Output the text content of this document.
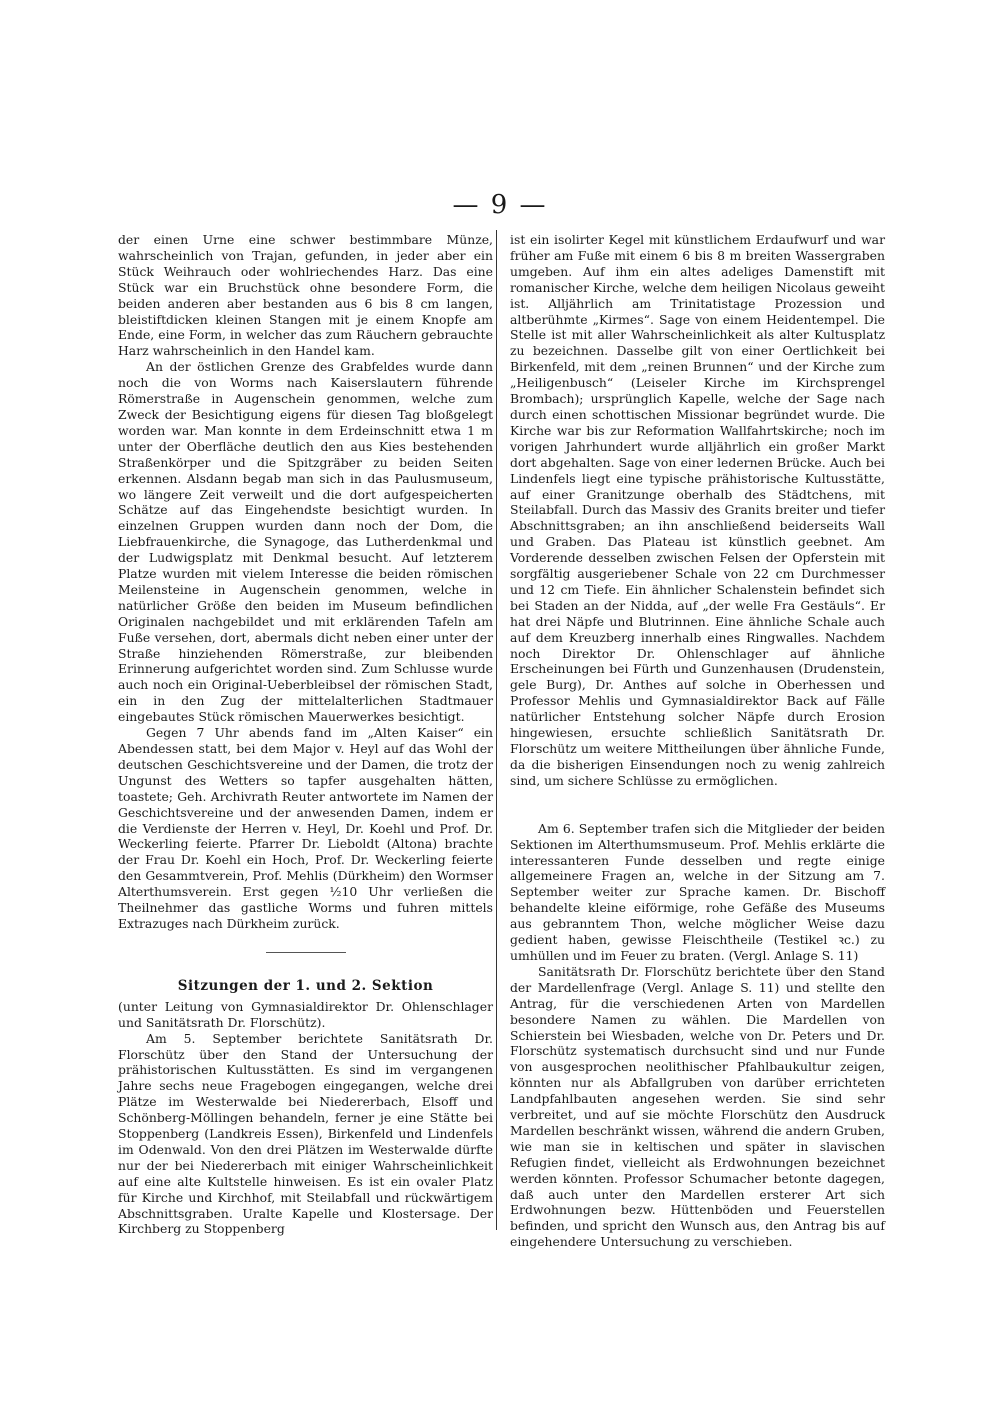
— 9 —

der einen Urne eine schwer bestimmbare Münze, wahrscheinlich von Trajan, gefunden, in jeder aber ein Stück Weihrauch oder wohlriechendes Harz. Das eine Stück war ein Bruchstück ohne besondere Form, die beiden anderen aber bestanden aus 6 bis 8 cm langen, bleistiftdicken kleinen Stangen mit je einem Knopfe am Ende, eine Form, in welcher das zum Räuchern gebrauchte Harz wahrscheinlich in den Handel kam.

An der östlichen Grenze des Grabfeldes wurde dann noch die von Worms nach Kaiserslautern führende Römerstraße in Augenschein genommen, welche zum Zweck der Besichtigung eigens für diesen Tag bloßgelegt worden war. Man konnte in dem Erdeinschnitt etwa 1 m unter der Oberfläche deutlich den aus Kies bestehenden Straßenkörper und die Spitzgräber zu beiden Seiten erkennen. Alsdann begab man sich in das Paulusmuseum, wo längere Zeit verweilt und die dort aufgespeicherten Schätze auf das Eingehendste besichtigt wurden. In einzelnen Gruppen wurden dann noch der Dom, die Liebfrauenkirche, die Synagoge, das Lutherdenkmal und der Ludwigsplatz mit Denkmal besucht. Auf letzterem Platze wurden mit vielem Interesse die beiden römischen Meilensteine in Augenschein genommen, welche in natürlicher Größe den beiden im Museum befindlichen Originalen nachgebildet und mit erklärenden Tafeln am Fuße versehen, dort, abermals dicht neben einer unter der Straße hinziehenden Römerstraße, zur bleibenden Erinnerung aufgerichtet worden sind. Zum Schlusse wurde auch noch ein Original-Ueberbleibsel der römischen Stadt, ein in den Zug der mittelalterlichen Stadtmauer eingebautes Stück römischen Mauerwerkes besichtigt.

Gegen 7 Uhr abends fand im „Alten Kaiser“ ein Abendessen statt, bei dem Major v. Heyl auf das Wohl der deutschen Geschichtsvereine und der Damen, die trotz der Ungunst des Wetters so tapfer ausgehalten hätten, toastete; Geh. Archivrath Reuter antwortete im Namen der Geschichtsvereine und der anwesenden Damen, indem er die Verdienste der Herren v. Heyl, Dr. Koehl und Prof. Dr. Weckerling feierte. Pfarrer Dr. Lieboldt (Altona) brachte der Frau Dr. Koehl ein Hoch, Prof. Dr. Weckerling feierte den Gesammtverein, Prof. Mehlis (Dürkheim) den Wormser Alterthumsverein. Erst gegen ½10 Uhr verließen die Theilnehmer das gastliche Worms und fuhren mittels Extrazuges nach Dürkheim zurück.

Sitzungen der 1. und 2. Sektion

(unter Leitung von Gymnasialdirektor Dr. Ohlenschlager und Sanitätsrath Dr. Florschütz).

Am 5. September berichtete Sanitätsrath Dr. Florschütz über den Stand der Untersuchung der prähistorischen Kultusstätten. Es sind im vergangenen Jahre sechs neue Fragebogen eingegangen, welche drei Plätze im Westerwalde bei Niedererbach, Elsoff und Schönberg-Möllingen behandeln, ferner je eine Stätte bei Stoppenberg (Landkreis Essen), Birkenfeld und Lindenfels im Odenwald. Von den drei Plätzen im Westerwalde dürfte nur der bei Niedererbach mit einiger Wahrscheinlichkeit auf eine alte Kultstelle hinweisen. Es ist ein ovaler Platz für Kirche und Kirchhof, mit Steilabfall und rückwärtigem Abschnittsgraben. Uralte Kapelle und Klostersage. Der Kirchberg zu Stoppenberg

ist ein isolirter Kegel mit künstlichem Erdaufwurf und war früher am Fuße mit einem 6 bis 8 m breiten Wassergraben umgeben. Auf ihm ein altes adeliges Damenstift mit romanischer Kirche, welche dem heiligen Nicolaus geweiht ist. Alljährlich am Trinitatistage Prozession und altberühmte „Kirmes“. Sage von einem Heidentempel. Die Stelle ist mit aller Wahrscheinlichkeit als alter Kultusplatz zu bezeichnen. Dasselbe gilt von einer Oertlichkeit bei Birkenfeld, mit dem „reinen Brunnen“ und der Kirche zum „Heiligenbusch“ (Leiseler Kirche im Kirchsprengel Brombach); ursprünglich Kapelle, welche der Sage nach durch einen schottischen Missionar begründet wurde. Die Kirche war bis zur Reformation Wallfahrtskirche; noch im vorigen Jahrhundert wurde alljährlich ein großer Markt dort abgehalten. Sage von einer ledernen Brücke. Auch bei Lindenfels liegt eine typische prähistorische Kultusstätte, auf einer Granitzunge oberhalb des Städtchens, mit Steilabfall. Durch das Massiv des Granits breiter und tiefer Abschnittsgraben; an ihn anschließend beiderseits Wall und Graben. Das Plateau ist künstlich geebnet. Am Vorderende desselben zwischen Felsen der Opferstein mit sorgfältig ausgeriebener Schale von 22 cm Durchmesser und 12 cm Tiefe. Ein ähnlicher Schalenstein befindet sich bei Staden an der Nidda, auf „der welle Fra Gestäuls“. Er hat drei Näpfe und Blutrinnen. Eine ähnliche Schale auch auf dem Kreuzberg innerhalb eines Ringwalles. Nachdem noch Direktor Dr. Ohlenschlager auf ähnliche Erscheinungen bei Fürth und Gunzenhausen (Drudenstein, gele Burg), Dr. Anthes auf solche in Oberhessen und Professor Mehlis und Gymnasialdirektor Back auf Fälle natürlicher Entstehung solcher Näpfe durch Erosion hingewiesen, ersuchte schließlich Sanitätsrath Dr. Florschütz um weitere Mittheilungen über ähnliche Funde, da die bisherigen Einsendungen noch zu wenig zahlreich sind, um sichere Schlüsse zu ermöglichen.

Am 6. September trafen sich die Mitglieder der beiden Sektionen im Alterthumsmuseum. Prof. Mehlis erklärte die interessanteren Funde desselben und regte einige allgemeinere Fragen an, welche in der Sitzung am 7. September weiter zur Sprache kamen. Dr. Bischoff behandelte kleine eiförmige, rohe Gefäße des Museums aus gebranntem Thon, welche möglicher Weise dazu gedient haben, gewisse Fleischtheile (Testikel ꝛc.) zu umhüllen und im Feuer zu braten. (Vergl. Anlage S. 11)

Sanitätsrath Dr. Florschütz berichtete über den Stand der Mardellenfrage (Vergl. Anlage S. 11) und stellte den Antrag, für die verschiedenen Arten von Mardellen besondere Namen zu wählen. Die Mardellen von Schierstein bei Wiesbaden, welche von Dr. Peters und Dr. Florschütz systematisch durchsucht sind und nur Funde von ausgesprochen neolithischer Pfahlbaukultur zeigen, könnten nur als Abfallgruben von darüber errichteten Landpfahlbauten angesehen werden. Sie sind sehr verbreitet, und auf sie möchte Florschütz den Ausdruck Mardellen beschränkt wissen, während die andern Gruben, wie man sie in keltischen und später in slavischen Refugien findet, vielleicht als Erdwohnungen bezeichnet werden könnten. Professor Schumacher betonte dagegen, daß auch unter den Mardellen ersterer Art sich Erdwohnungen bezw. Hüttenböden und Feuerstellen befinden, und spricht den Wunsch aus, den Antrag bis auf eingehendere Untersuchung zu verschieben.
